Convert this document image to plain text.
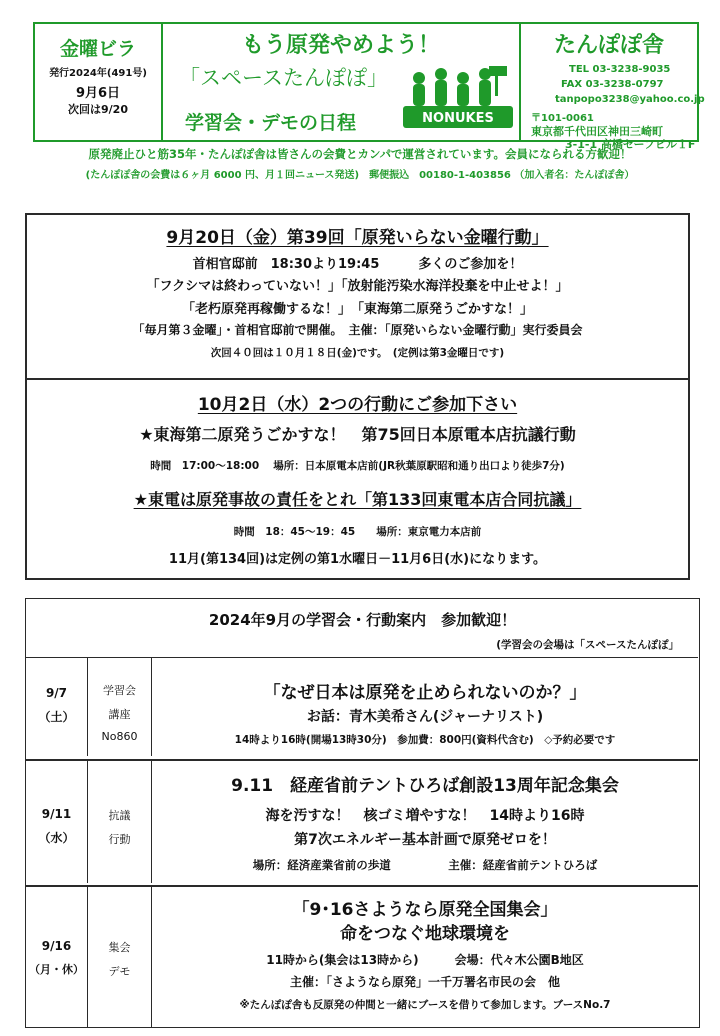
金曜ビラ
発行2024年(491号)
9月6日
次回は9/20
もう原発やめよう！
「スペースたんぽぽ」
学習会・デモの日程	NONUKES
たんぽぽ舎
TEL 03-3238-9035
FAX 03-3238-0797
tanpopo3238@yahoo.co.jp
〒101-0061
東京都千代田区神田三崎町
3-1-1 高橋セーフビル１F
原発廃止ひと筋35年・たんぽぽ舎は皆さんの会費とカンパで運営されています。会員になられる方歓迎！
(たんぽぽ舎の会費は６ヶ月 6000 円、月１回ニュース発送)　郵便振込　00180-1-403856 （加入者名：たんぽぽ舎）
9月20日（金）第39回「原発いらない金曜行動」
首相官邸前　18:30より19:45　　　多くのご参加を！
「フクシマは終わっていない！」「放射能汚染水海洋投棄を中止せよ！」
「老朽原発再稼働するな！」　「東海第二原発うごかすな！」
「毎月第３金曜」・首相官邸前で開催。　主催：「原発いらない金曜行動」実行委員会
次回４０回は１０月１８日(金)です。　(定例は第3金曜日です)
10月2日（水）2つの行動にご参加下さい
★東海第二原発うごかすな！　第75回日本原電本店抗議行動
時間　17:00～18:00　 場所：日本原電本店前(JR秋葉原駅昭和通り出口より徒歩7分)
★東電は原発事故の責任をとれ「第133回東電本店合同抗議」
時間　18：45～19：45　　場所：東京電力本店前
11月(第134回)は定例の第1水曜日－11月6日(水)になります。
2024年9月の学習会・行動案内　参加歓迎！
(学習会の会場は「スペースたんぽぽ」
9/7
（土）
学習会
講座
No860
「なぜ日本は原発を止められないのか？」
お話：青木美希さん(ジャーナリスト)
14時より16時(開場13時30分)　参加費：800円(資料代含む)　◇予約必要です
9/11
（水）
抗議
行動
9.11　経産省前テントひろば創設13周年記念集会
海を汚すな！　核ゴミ増やすな！　14時より16時
第7次エネルギー基本計画で原発ゼロを！
場所：経済産業省前の歩道　　　　　主催：経産省前テントひろば
9/16
（月・休）
集会
デモ
「9･16さようなら原発全国集会」
命をつなぐ地球環境を
11時から(集会は13時から)　　　会場：代々木公園B地区
主催：「さようなら原発」一千万署名市民の会　他
※たんぽぽ舎も反原発の仲間と一緒にブースを借りて参加します。ブースNo.7
